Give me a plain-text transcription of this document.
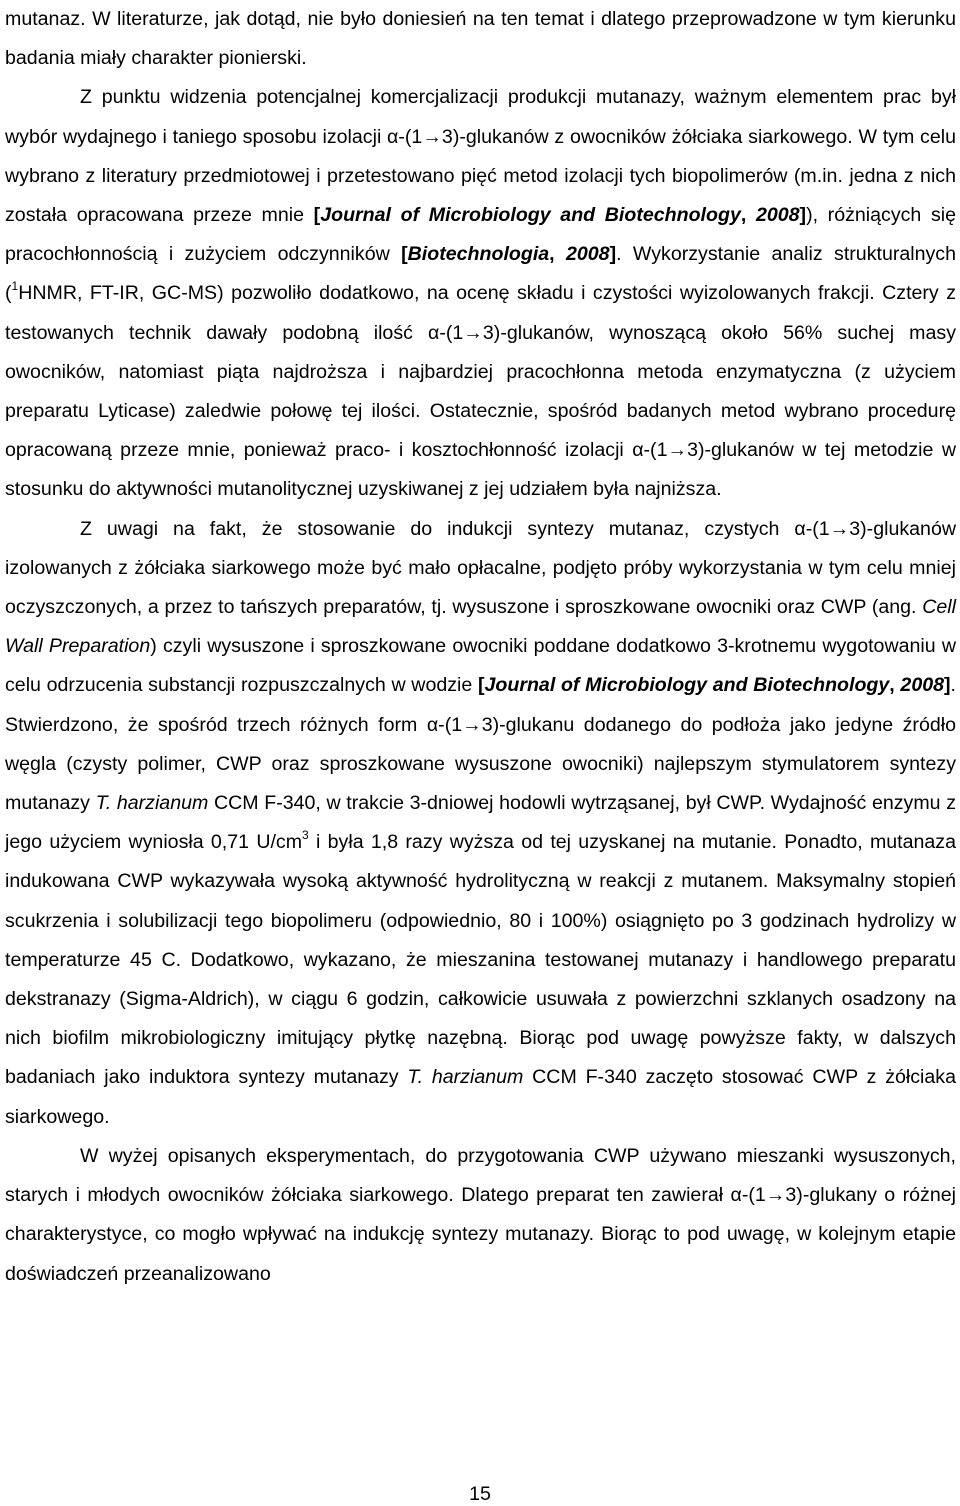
mutanaz. W literaturze, jak dotąd, nie było doniesień na ten temat i dlatego przeprowadzone w tym kierunku badania miały charakter pionierski.

Z punktu widzenia potencjalnej komercjalizacji produkcji mutanazy, ważnym elementem prac był wybór wydajnego i taniego sposobu izolacji α-(1→3)-glukanów z owocników żółciaka siarkowego. W tym celu wybrano z literatury przedmiotowej i przetestowano pięć metod izolacji tych biopolimerów (m.in. jedna z nich została opracowana przeze mnie [Journal of Microbiology and Biotechnology, 2008]), różniących się pracochłonnością i zużyciem odczynników [Biotechnologia, 2008]. Wykorzystanie analiz strukturalnych ($^1$HNMR, FT-IR, GC-MS) pozwoliło dodatkowo, na ocenę składu i czystości wyizolowanych frakcji. Cztery z testowanych technik dawały podobną ilość α-(1→3)-glukanów, wynoszącą około 56% suchej masy owocników, natomiast piąta najdroższa i najbardziej pracochłonna metoda enzymatyczna (z użyciem preparatu Lyticase) zaledwie połowę tej ilości. Ostatecznie, spośród badanych metod wybrano procedurę opracowaną przeze mnie, ponieważ praco- i kosztochłonność izolacji α-(1→3)-glukanów w tej metodzie w stosunku do aktywności mutanolitycznej uzyskiwanej z jej udziałem była najniższa.

Z uwagi na fakt, że stosowanie do indukcji syntezy mutanaz, czystych α-(1→3)-glukanów izolowanych z żółciaka siarkowego może być mało opłacalne, podjęto próby wykorzystania w tym celu mniej oczyszczonych, a przez to tańszych preparatów, tj. wysuszone i sproszkowane owocniki oraz CWP (ang. Cell Wall Preparation) czyli wysuszone i sproszkowane owocniki poddane dodatkowo 3-krotnemu wygotowaniu w celu odrzucenia substancji rozpuszczalnych w wodzie [Journal of Microbiology and Biotechnology, 2008]. Stwierdzono, że spośród trzech różnych form α-(1→3)-glukanu dodanego do podłoża jako jedyne źródło węgla (czysty polimer, CWP oraz sproszkowane wysuszone owocniki) najlepszym stymulatorem syntezy mutanazy T. harzianum CCM F-340, w trakcie 3-dniowej hodowli wytrząsanej, był CWP. Wydajność enzymu z jego użyciem wyniosła 0,71 $U/cm^3$ i była 1,8 razy wyższa od tej uzyskanej na mutanie. Ponadto, mutanaza indukowana CWP wykazywała wysoką aktywność hydrolityczną w reakcji z mutanem. Maksymalny stopień scukrzenia i solubilizacji tego biopolimeru (odpowiednio, 80 i 100%) osiągnięto po 3 godzinach hydrolizy w temperaturze 45 C. Dodatkowo, wykazano, że mieszanina testowanej mutanazy i handlowego preparatu dekstranazy (Sigma-Aldrich), w ciągu 6 godzin, całkowicie usuwała z powierzchni szklanych osadzony na nich biofilm mikrobiologiczny imitujący płytkę nazębną. Biorąc pod uwagę powyższe fakty, w dalszych badaniach jako induktora syntezy mutanazy T. harzianum CCM F-340 zaczęto stosować CWP z żółciaka siarkowego.

W wyżej opisanych eksperymentach, do przygotowania CWP używano mieszanki wysuszonych, starych i młodych owocników żółciaka siarkowego. Dlatego preparat ten zawierał α-(1→3)-glukany o różnej charakterystyce, co mogło wpływać na indukcję syntezy mutanazy. Biorąc to pod uwagę, w kolejnym etapie doświadczeń przeanalizowano

15
